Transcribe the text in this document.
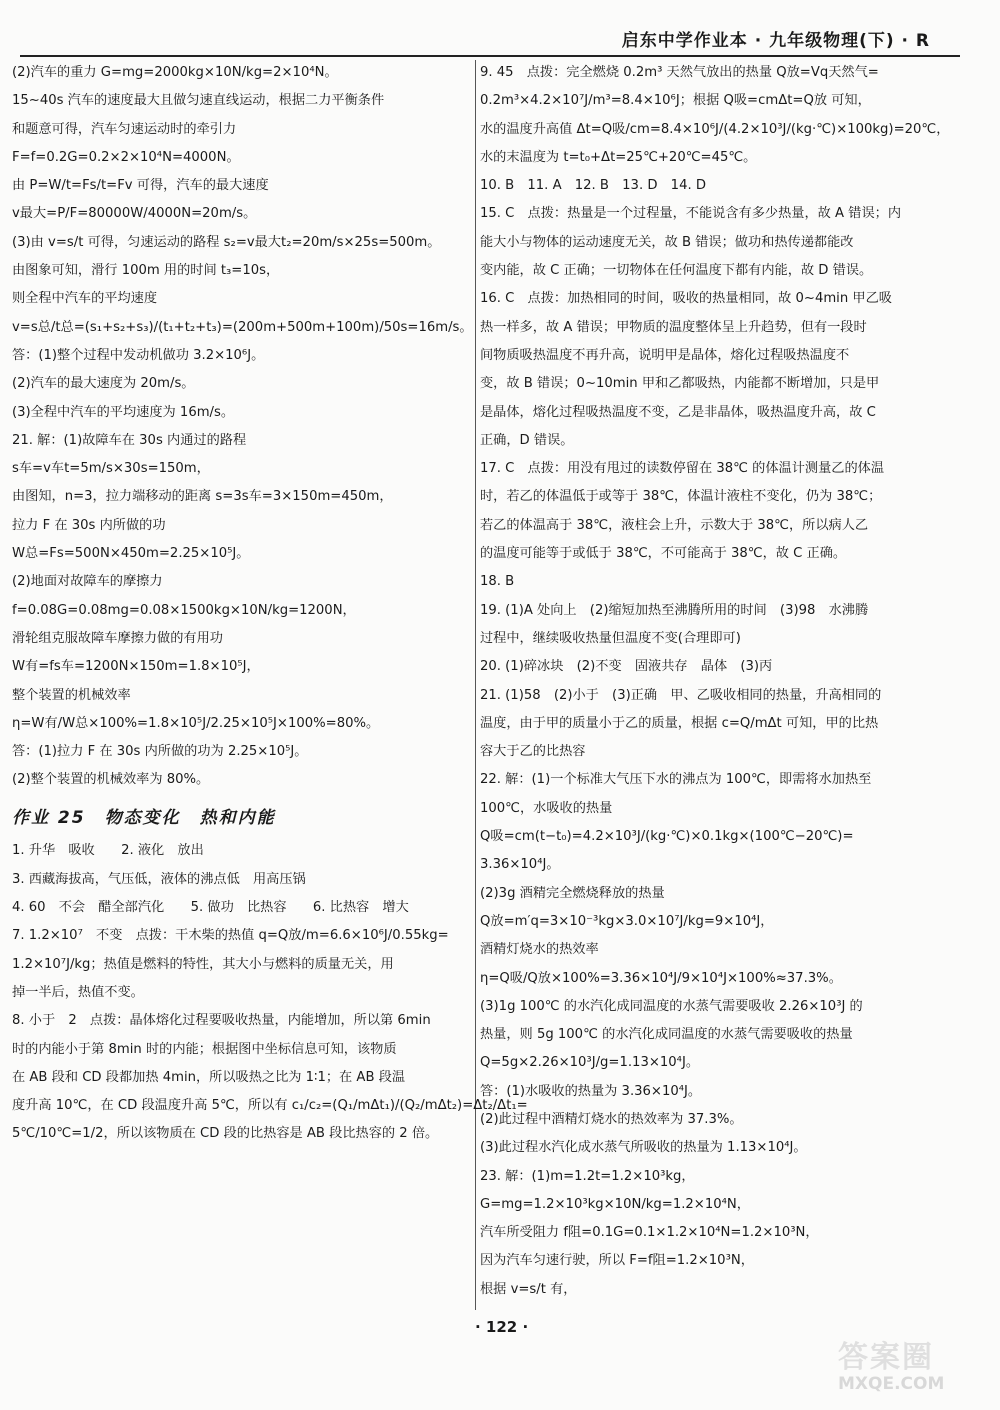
启东中学作业本 · 九年级物理(下) · R
(2)汽车的重力 G=mg=2000kg×10N/kg=2×10⁴N。
15~40s 汽车的速度最大且做匀速直线运动，根据二力平衡条件
和题意可得，汽车匀速运动时的牵引力
F=f=0.2G=0.2×2×10⁴N=4000N。
由 P=W/t=Fs/t=Fv 可得，汽车的最大速度
v最大=P/F=80000W/4000N=20m/s。
(3)由 v=s/t 可得，匀速运动的路程 s₂=v最大t₂=20m/s×25s=500m。
由图象可知，滑行 100m 用的时间 t₃=10s，
则全程中汽车的平均速度
v=s总/t总=(s₁+s₂+s₃)/(t₁+t₂+t₃)=(200m+500m+100m)/50s=16m/s。
答：(1)整个过程中发动机做功 3.2×10⁶J。
(2)汽车的最大速度为 20m/s。
(3)全程中汽车的平均速度为 16m/s。
21. 解：(1)故障车在 30s 内通过的路程
s车=v车t=5m/s×30s=150m，
由图知，n=3，拉力端移动的距离 s=3s车=3×150m=450m，
拉力 F 在 30s 内所做的功
W总=Fs=500N×450m=2.25×10⁵J。
(2)地面对故障车的摩擦力
f=0.08G=0.08mg=0.08×1500kg×10N/kg=1200N，
滑轮组克服故障车摩擦力做的有用功
W有=fs车=1200N×150m=1.8×10⁵J，
整个装置的机械效率
η=W有/W总×100%=1.8×10⁵J/2.25×10⁵J×100%=80%。
答：(1)拉力 F 在 30s 内所做的功为 2.25×10⁵J。
(2)整个装置的机械效率为 80%。
作业 25　物态变化　热和内能
1. 升华　吸收　　2. 液化　放出
3. 西藏海拔高，气压低，液体的沸点低　用高压锅
4. 60　不会　醋全部汽化　　5. 做功　比热容　　6. 比热容　增大
7. 1.2×10⁷　不变　点拨：干木柴的热值 q=Q放/m=6.6×10⁶J/0.55kg=
1.2×10⁷J/kg；热值是燃料的特性，其大小与燃料的质量无关，用
掉一半后，热值不变。
8. 小于　2　点拨：晶体熔化过程要吸收热量，内能增加，所以第 6min
时的内能小于第 8min 时的内能；根据图中坐标信息可知，该物质
在 AB 段和 CD 段都加热 4min，所以吸热之比为 1∶1；在 AB 段温
度升高 10℃，在 CD 段温度升高 5℃，所以有 c₁/c₂=(Q₁/mΔt₁)/(Q₂/mΔt₂)=Δt₂/Δt₁=
5℃/10℃=1/2，所以该物质在 CD 段的比热容是 AB 段比热容的 2 倍。
9. 45　点拨：完全燃烧 0.2m³ 天然气放出的热量 Q放=Vq天然气=
0.2m³×4.2×10⁷J/m³=8.4×10⁶J；根据 Q吸=cmΔt=Q放 可知，
水的温度升高值 Δt=Q吸/cm=8.4×10⁶J/(4.2×10³J/(kg·℃)×100kg)=20℃，
水的末温度为 t=t₀+Δt=25℃+20℃=45℃。
10. B　11. A　12. B　13. D　14. D
15. C　点拨：热量是一个过程量，不能说含有多少热量，故 A 错误；内
能大小与物体的运动速度无关，故 B 错误；做功和热传递都能改
变内能，故 C 正确；一切物体在任何温度下都有内能，故 D 错误。
16. C　点拨：加热相同的时间，吸收的热量相同，故 0~4min 甲乙吸
热一样多，故 A 错误；甲物质的温度整体呈上升趋势，但有一段时
间物质吸热温度不再升高，说明甲是晶体，熔化过程吸热温度不
变，故 B 错误；0~10min 甲和乙都吸热，内能都不断增加，只是甲
是晶体，熔化过程吸热温度不变，乙是非晶体，吸热温度升高，故 C
正确，D 错误。
17. C　点拨：用没有甩过的读数停留在 38℃ 的体温计测量乙的体温
时，若乙的体温低于或等于 38℃，体温计液柱不变化，仍为 38℃；
若乙的体温高于 38℃，液柱会上升，示数大于 38℃，所以病人乙
的温度可能等于或低于 38℃，不可能高于 38℃，故 C 正确。
18. B
19. (1)A 处向上　(2)缩短加热至沸腾所用的时间　(3)98　水沸腾
过程中，继续吸收热量但温度不变(合理即可)
20. (1)碎冰块　(2)不变　固液共存　晶体　(3)丙
21. (1)58　(2)小于　(3)正确　甲、乙吸收相同的热量，升高相同的
温度，由于甲的质量小于乙的质量，根据 c=Q/mΔt 可知，甲的比热
容大于乙的比热容
22. 解：(1)一个标准大气压下水的沸点为 100℃，即需将水加热至
100℃，水吸收的热量
Q吸=cm(t−t₀)=4.2×10³J/(kg·℃)×0.1kg×(100℃−20℃)=
3.36×10⁴J。
(2)3g 酒精完全燃烧释放的热量
Q放=m′q=3×10⁻³kg×3.0×10⁷J/kg=9×10⁴J，
酒精灯烧水的热效率
η=Q吸/Q放×100%=3.36×10⁴J/9×10⁴J×100%≈37.3%。
(3)1g 100℃ 的水汽化成同温度的水蒸气需要吸收 2.26×10³J 的
热量，则 5g 100℃ 的水汽化成同温度的水蒸气需要吸收的热量
Q=5g×2.26×10³J/g=1.13×10⁴J。
答：(1)水吸收的热量为 3.36×10⁴J。
(2)此过程中酒精灯烧水的热效率为 37.3%。
(3)此过程水汽化成水蒸气所吸收的热量为 1.13×10⁴J。
23. 解：(1)m=1.2t=1.2×10³kg，
G=mg=1.2×10³kg×10N/kg=1.2×10⁴N，
汽车所受阻力 f阻=0.1G=0.1×1.2×10⁴N=1.2×10³N，
因为汽车匀速行驶，所以 F=f阻=1.2×10³N，
根据 v=s/t 有，
· 122 ·
答案圈
MXQE.COM
